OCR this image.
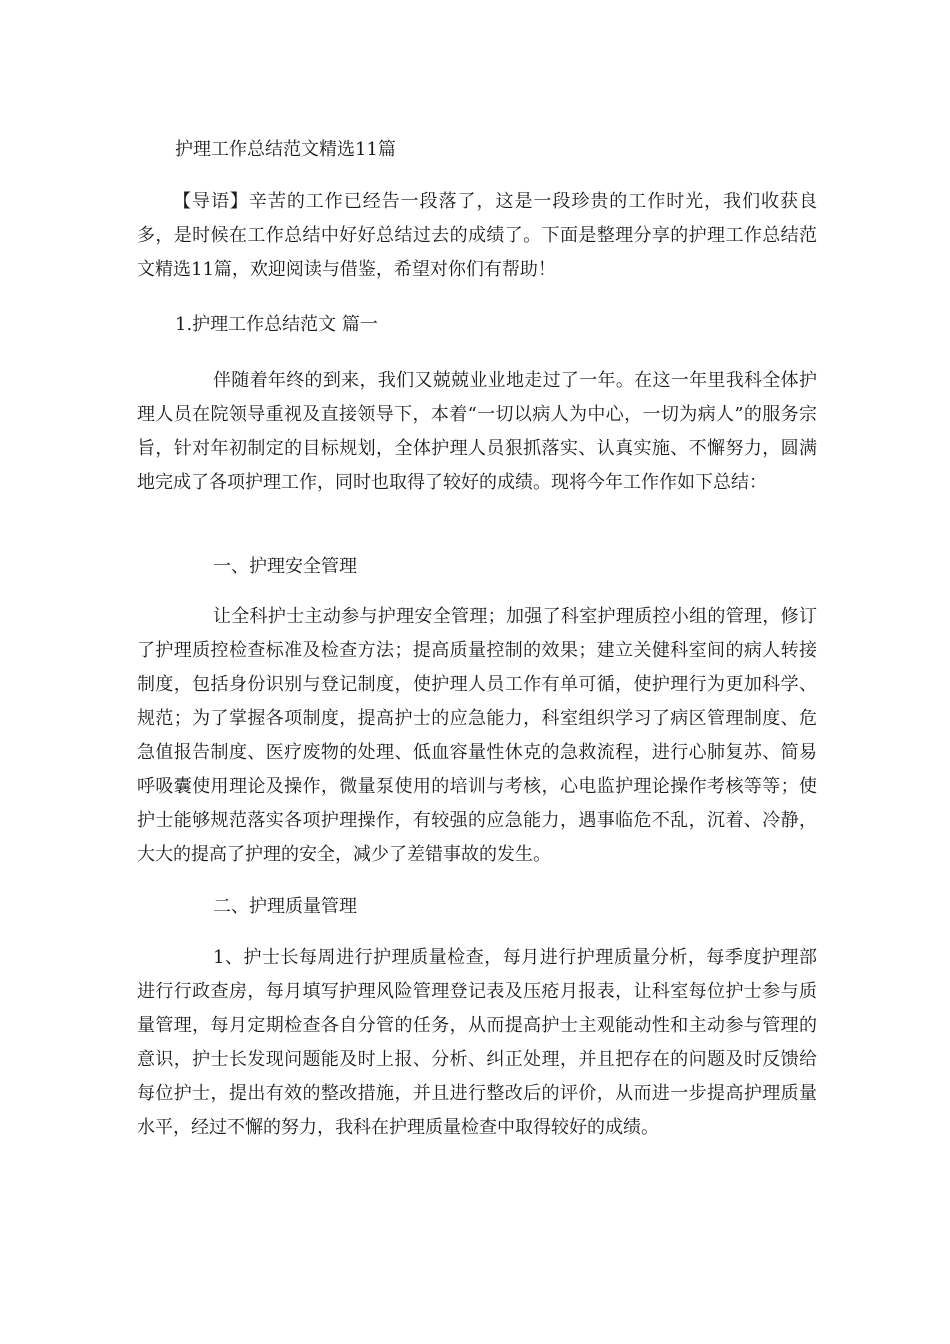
护理工作总结范文精选11篇

【导语】辛苦的工作已经告一段落了，这是一段珍贵的工作时光，我们收获良多，是时候在工作总结中好好总结过去的成绩了。下面是整理分享的护理工作总结范文精选11篇，欢迎阅读与借鉴，希望对你们有帮助！

1.护理工作总结范文 篇一

伴随着年终的到来，我们又兢兢业业地走过了一年。在这一年里我科全体护理人员在院领导重视及直接领导下，本着“一切以病人为中心，一切为病人”的服务宗旨，针对年初制定的目标规划，全体护理人员狠抓落实、认真实施、不懈努力，圆满地完成了各项护理工作，同时也取得了较好的成绩。现将今年工作作如下总结：

一、护理安全管理

让全科护士主动参与护理安全管理；加强了科室护理质控小组的管理，修订了护理质控检查标准及检查方法；提高质量控制的效果；建立关健科室间的病人转接制度，包括身份识别与登记制度，使护理人员工作有单可循，使护理行为更加科学、规范；为了掌握各项制度，提高护士的应急能力，科室组织学习了病区管理制度、危急值报告制度、医疗废物的处理、低血容量性休克的急救流程，进行心肺复苏、简易呼吸囊使用理论及操作，微量泵使用的培训与考核，心电监护理论操作考核等等；使护士能够规范落实各项护理操作，有较强的应急能力，遇事临危不乱，沉着、冷静，大大的提高了护理的安全，减少了差错事故的发生。

二、护理质量管理

1、护士长每周进行护理质量检查，每月进行护理质量分析，每季度护理部进行行政查房，每月填写护理风险管理登记表及压疮月报表，让科室每位护士参与质量管理，每月定期检查各自分管的任务，从而提高护士主观能动性和主动参与管理的意识，护士长发现问题能及时上报、分析、纠正处理，并且把存在的问题及时反馈给每位护士，提出有效的整改措施，并且进行整改后的评价，从而进一步提高护理质量水平，经过不懈的努力，我科在护理质量检查中取得较好的成绩。
